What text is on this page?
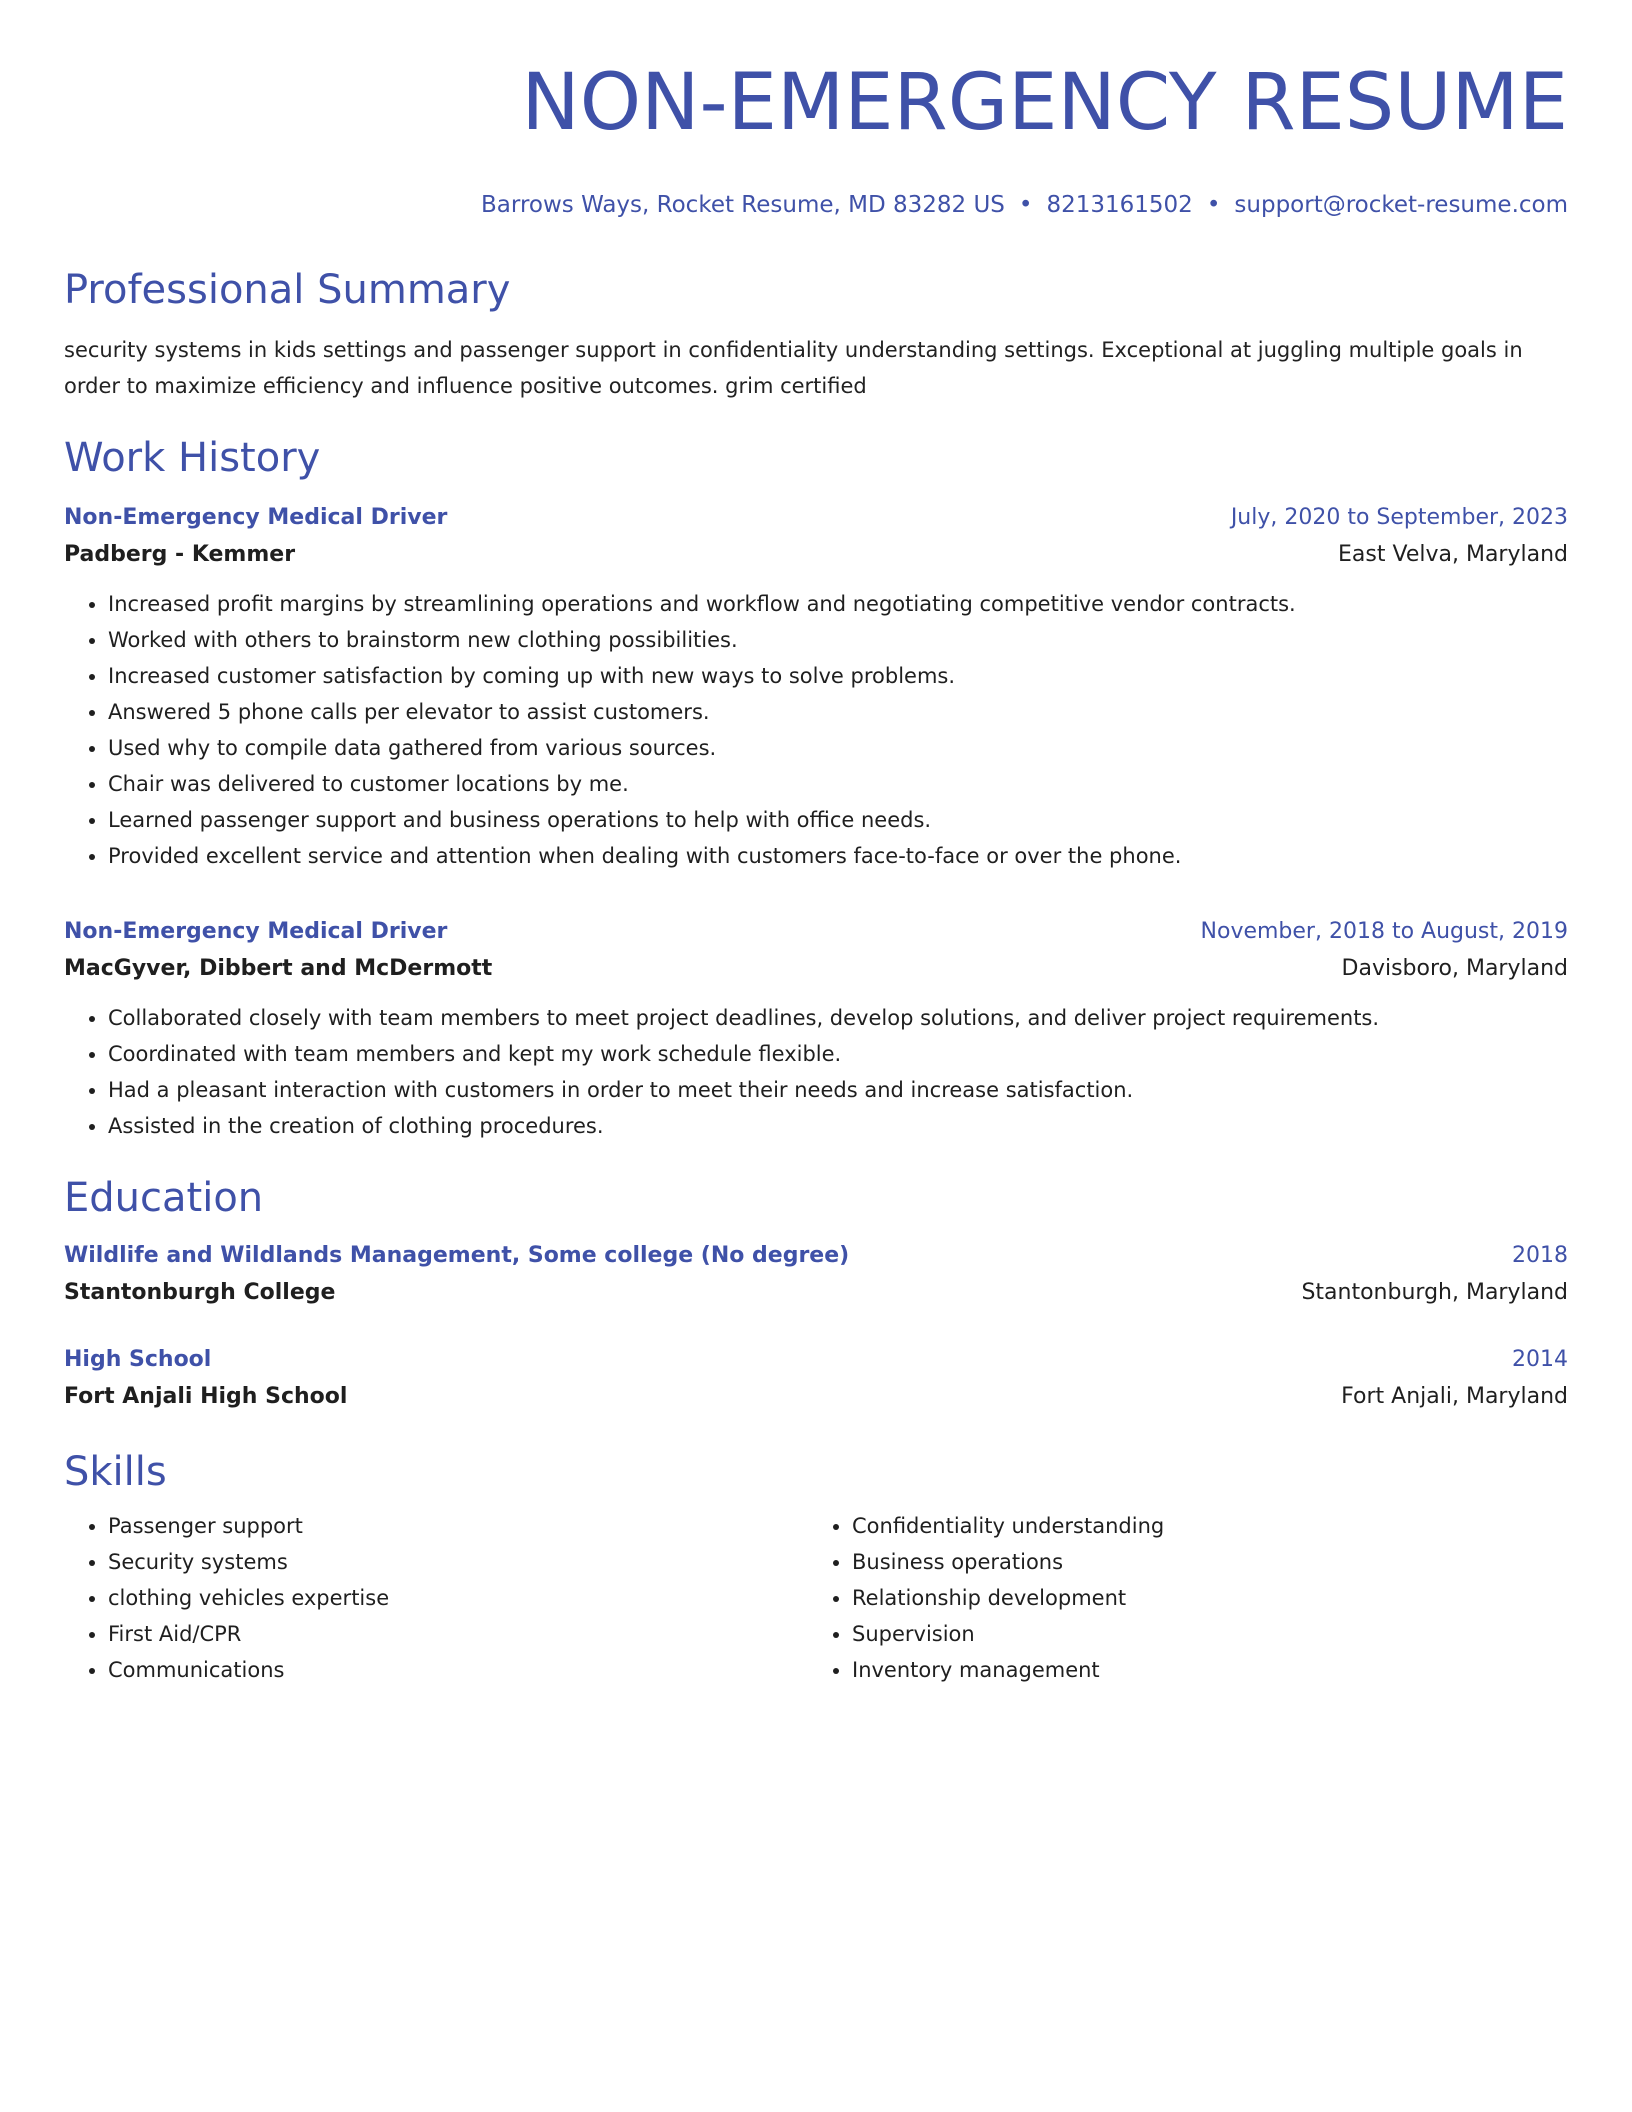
NON-EMERGENCY RESUME
Barrows Ways, Rocket Resume, MD 83282 US • 8213161502 • support@rocket-resume.com
Professional Summary
security systems in kids settings and passenger support in confidentiality understanding settings. Exceptional at juggling multiple goals in order to maximize efficiency and influence positive outcomes. grim certified
Work History
Non-Emergency Medical Driver	July, 2020 to September, 2023
Padberg - Kemmer	East Velva, Maryland
• Increased profit margins by streamlining operations and workflow and negotiating competitive vendor contracts.
• Worked with others to brainstorm new clothing possibilities.
• Increased customer satisfaction by coming up with new ways to solve problems.
• Answered 5 phone calls per elevator to assist customers.
• Used why to compile data gathered from various sources.
• Chair was delivered to customer locations by me.
• Learned passenger support and business operations to help with office needs.
• Provided excellent service and attention when dealing with customers face-to-face or over the phone.
Non-Emergency Medical Driver	November, 2018 to August, 2019
MacGyver, Dibbert and McDermott	Davisboro, Maryland
• Collaborated closely with team members to meet project deadlines, develop solutions, and deliver project requirements.
• Coordinated with team members and kept my work schedule flexible.
• Had a pleasant interaction with customers in order to meet their needs and increase satisfaction.
• Assisted in the creation of clothing procedures.
Education
Wildlife and Wildlands Management, Some college (No degree)	2018
Stantonburgh College	Stantonburgh, Maryland
High School	2014
Fort Anjali High School	Fort Anjali, Maryland
Skills
• Passenger support
• Security systems
• clothing vehicles expertise
• First Aid/CPR
• Communications
• Confidentiality understanding
• Business operations
• Relationship development
• Supervision
• Inventory management
